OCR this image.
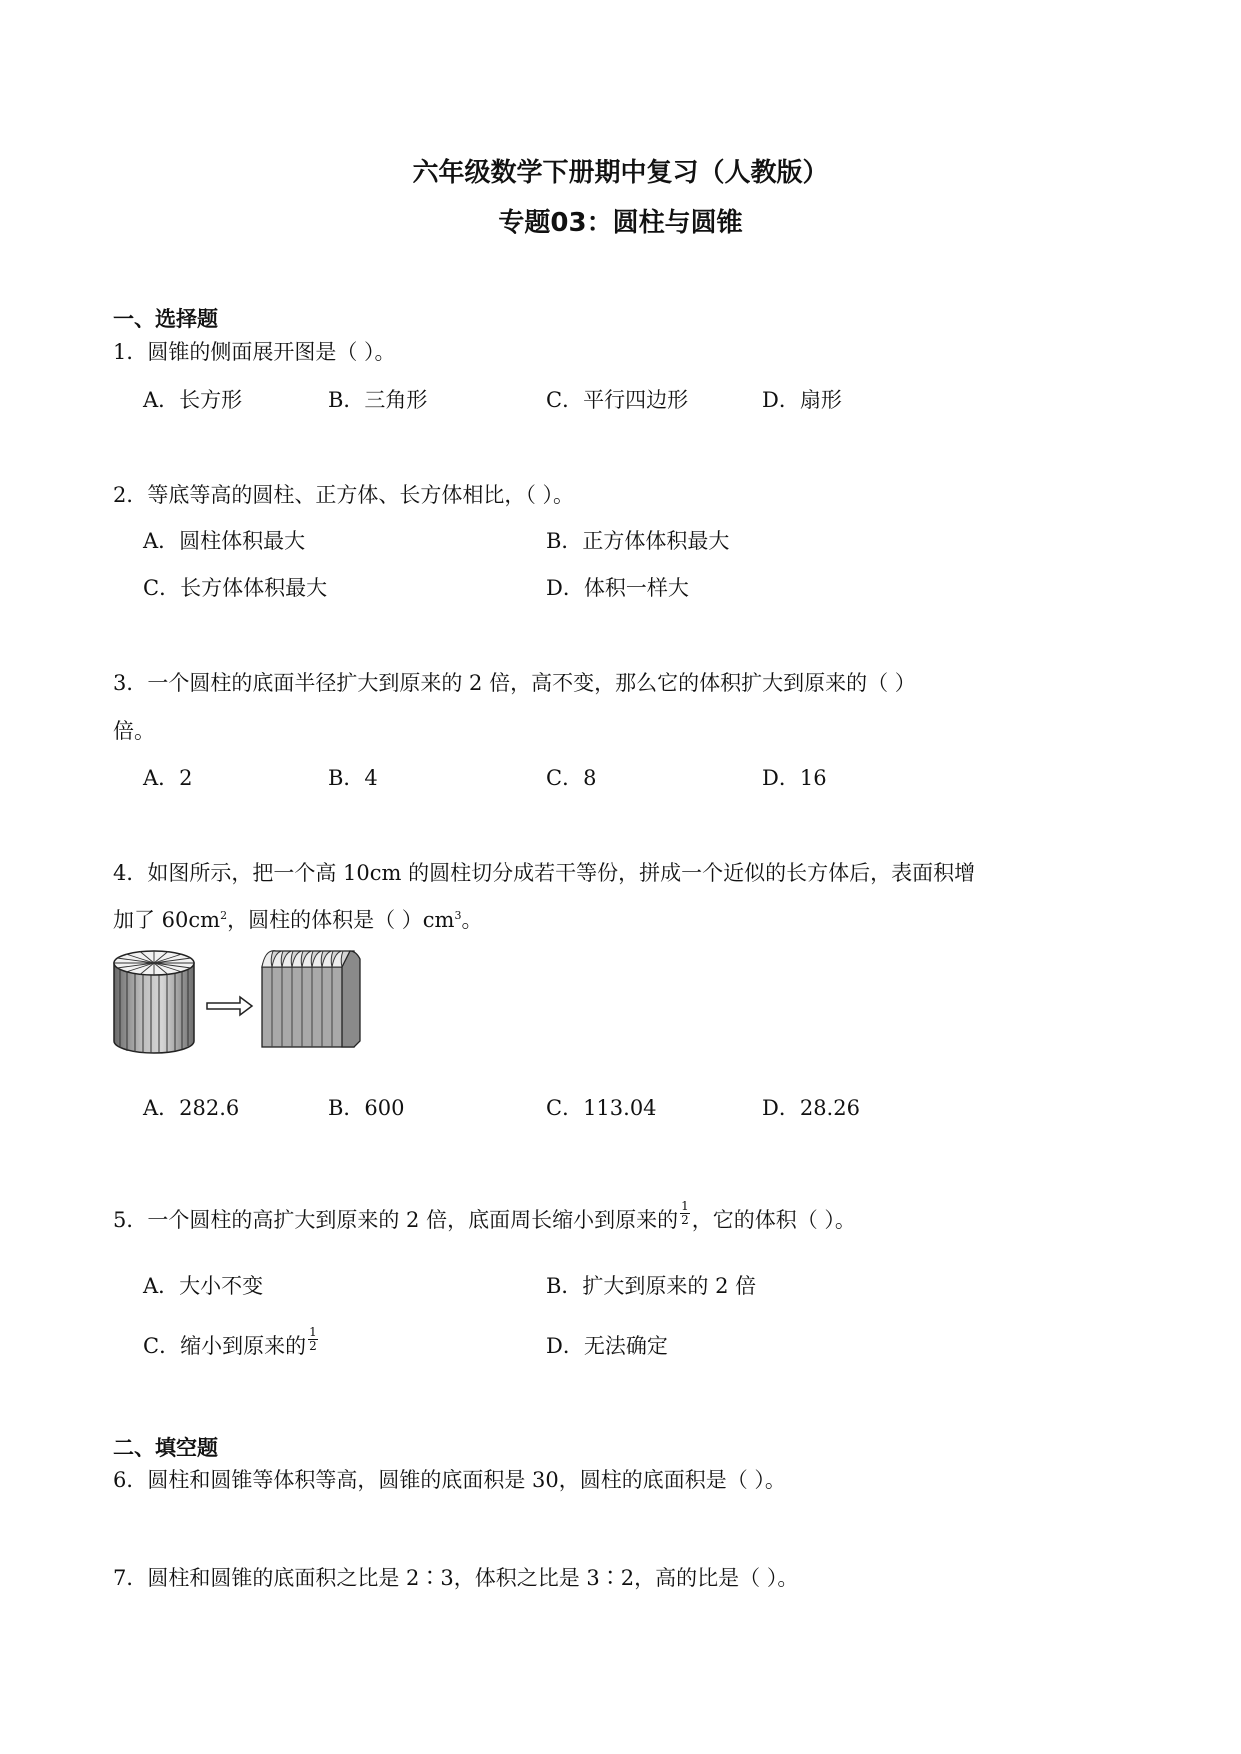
六年级数学下册期中复习（人教版）
专题03：圆柱与圆锥
一、选择题
1．圆锥的侧面展开图是（ ）。
A．长方形	B．三角形	C．平行四边形	D．扇形
2．等底等高的圆柱、正方体、长方体相比，（ ）。
A．圆柱体积最大	B．正方体体积最大
C．长方体体积最大	D．体积一样大
3．一个圆柱的底面半径扩大到原来的 2 倍，高不变，那么它的体积扩大到原来的（ ）
倍。
A．2	B．4	C．8	D．16
4．如图所示，把一个高 10cm 的圆柱切分成若干等份，拼成一个近似的长方体后，表面积增
加了 $60cm^2$，圆柱的体积是（ ）$cm^3$。
A．282.6	B．600	C．113.04	D．28.26
5．一个圆柱的高扩大到原来的 2 倍，底面周长缩小到原来的 $\frac{1}{2}$ ，它的体积（ ）。
A．大小不变	B．扩大到原来的 2 倍
C．缩小到原来的 $\frac{1}{2}$	D．无法确定
二、填空题
6．圆柱和圆锥等体积等高，圆锥的底面积是 30，圆柱的底面积是（ ）。
7．圆柱和圆锥的底面积之比是 2∶3，体积之比是 3∶2，高的比是（ ）。
